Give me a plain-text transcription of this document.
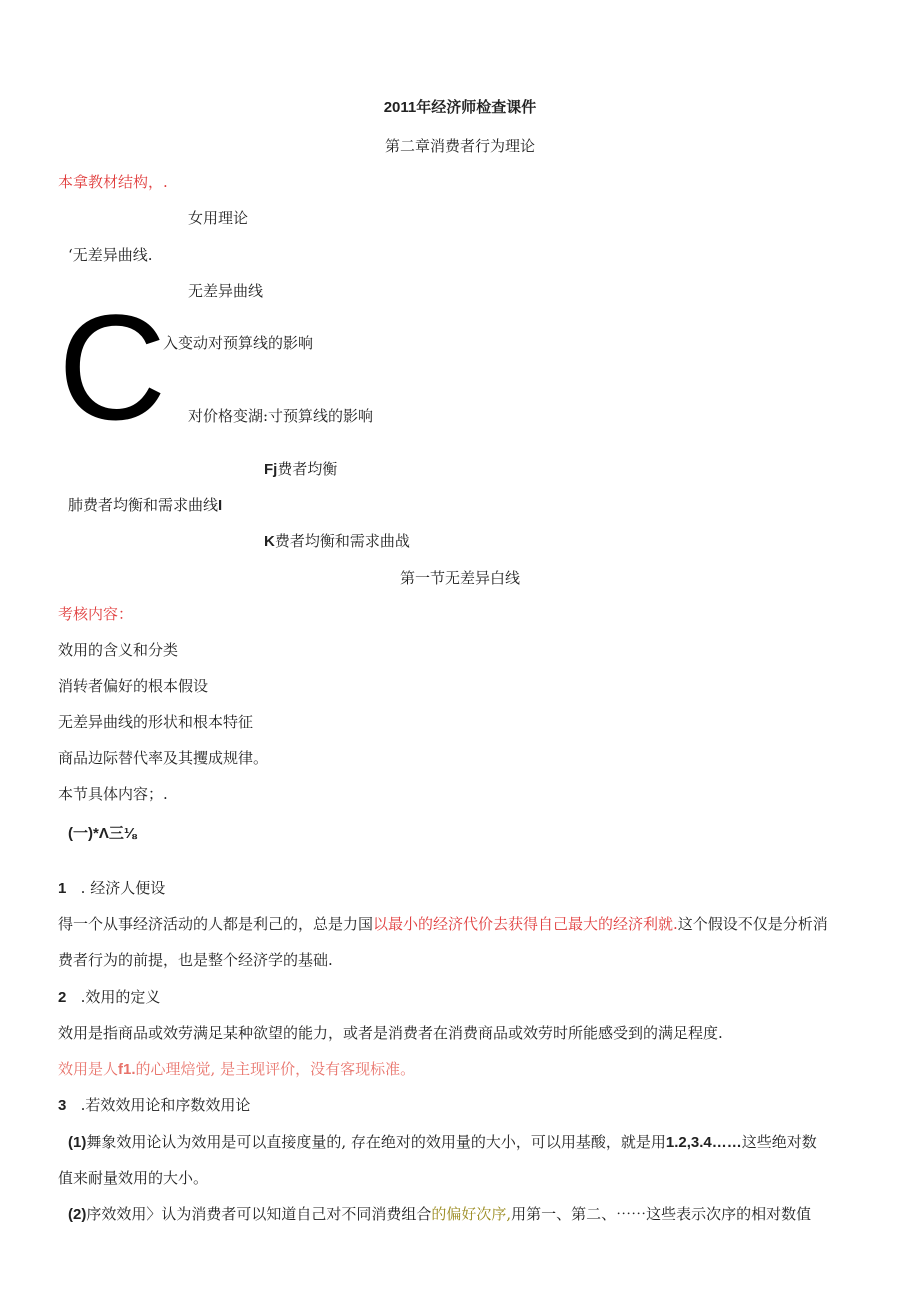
2011年经济师检查课件
第二章消费者行为理论
本拿教材结构，.
女用理论
‘无差异曲线.
无差异曲线
C
入变动对预算线的影响
对价格变湖:寸预算线的影响
Fj费者均衡
肺费者均衡和需求曲线I
K费者均衡和需求曲战
第一节无差异白线
考核内容：
效用的含义和分类
消转者偏好的根本假设
无差异曲线的形状和根本特征
商品边际替代率及其攫成规律。
本节具体内容；.
(一)*Λ三⅛
1 . 经济人便设
得一个从事经济活动的人都是利己的，总是力国以最小的经济代价去获得自己最大的经济利就.这个假设不仅是分析消
费者行为的前提，也是整个经济学的基础.
2 .效用的定义
效用是指商品或效劳满足某种欲望的能力，或者是消费者在消费商品或效劳时所能感受到的满足程度.
效用是人f1.的心理焙觉, 是主现评价，没有客现标准。
3 .若效效用论和序数效用论
(1)舞象效用论认为效用是可以直接度量的, 存在绝对的效用量的大小，可以用基酸，就是用1.2,3.4……这些绝对数
值来耐量效用的大小。
(2)序效效用〉认为消费者可以知道自己对不同消费组合的偏好次序,用第一、第二、⋯⋯这些表示次序的相对数值
